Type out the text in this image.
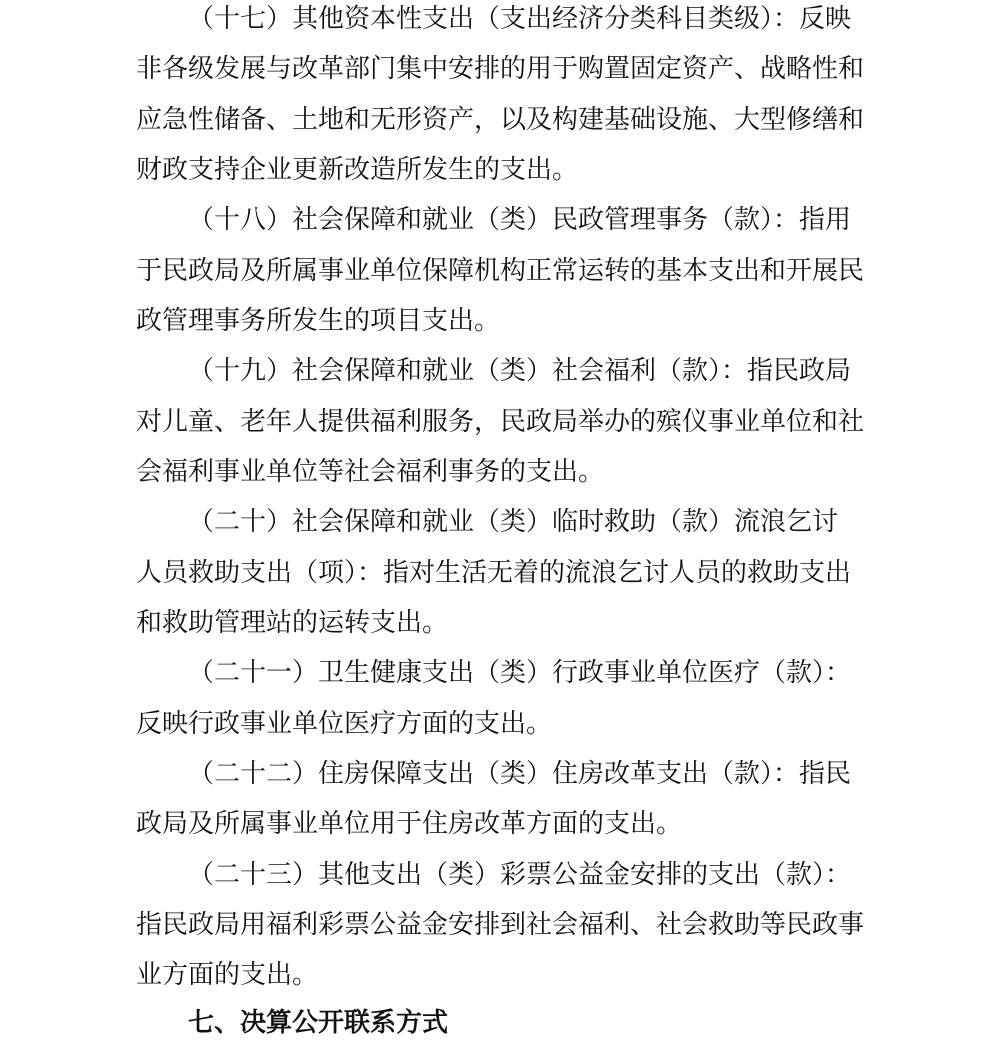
（十七）其他资本性支出（支出经济分类科目类级）：反映
非各级发展与改革部门集中安排的用于购置固定资产、战略性和
应急性储备、土地和无形资产，以及构建基础设施、大型修缮和
财政支持企业更新改造所发生的支出。
（十八）社会保障和就业（类）民政管理事务（款）：指用
于民政局及所属事业单位保障机构正常运转的基本支出和开展民
政管理事务所发生的项目支出。
（十九）社会保障和就业（类）社会福利（款）：指民政局
对儿童、老年人提供福利服务，民政局举办的殡仪事业单位和社
会福利事业单位等社会福利事务的支出。
（二十）社会保障和就业（类）临时救助（款）流浪乞讨
人员救助支出（项）：指对生活无着的流浪乞讨人员的救助支出
和救助管理站的运转支出。
（二十一）卫生健康支出（类）行政事业单位医疗（款）：
反映行政事业单位医疗方面的支出。
（二十二）住房保障支出（类）住房改革支出（款）：指民
政局及所属事业单位用于住房改革方面的支出。
（二十三）其他支出（类）彩票公益金安排的支出（款）：
指民政局用福利彩票公益金安排到社会福利、社会救助等民政事
业方面的支出。
七、决算公开联系方式
